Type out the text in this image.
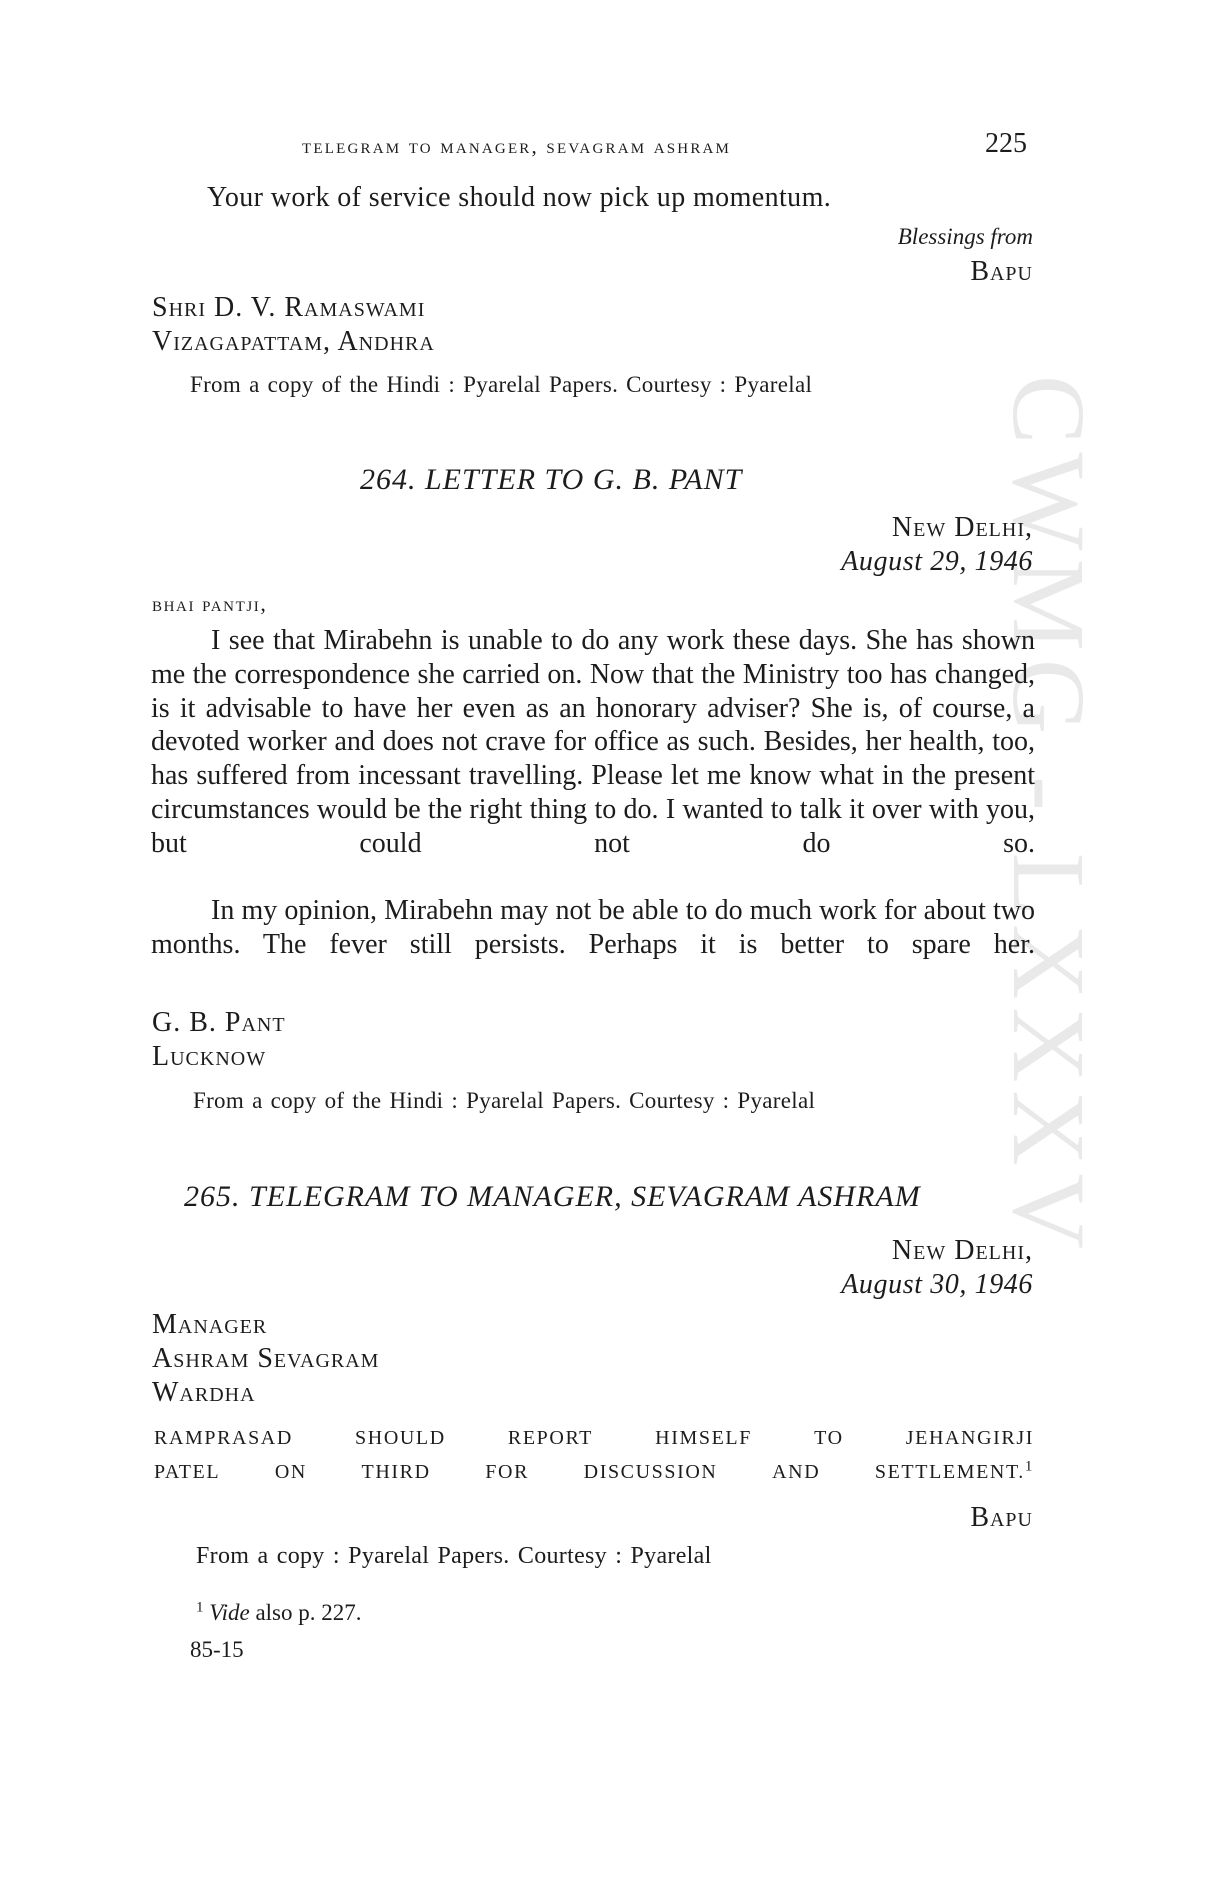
CWMG - LXXXV
telegram to manager, sevagram ashram	225
Your work of service should now pick up momentum.
Blessings from
Bapu
Shri D. V. Ramaswami
Vizagapattam, Andhra
From a copy of the Hindi : Pyarelal Papers. Courtesy : Pyarelal
264. LETTER TO G. B. PANT
New Delhi,
August 29, 1946
bhai pantji,
I see that Mirabehn is unable to do any work these days. She has shown me the correspondence she carried on. Now that the Ministry too has changed, is it advisable to have her even as an honorary adviser? She is, of course, a devoted worker and does not crave for office as such. Besides, her health, too, has suffered from incessant travelling. Please let me know what in the present circumstances would be the right thing to do. I wanted to talk it over with you, but could not do so.
In my opinion, Mirabehn may not be able to do much work for about two months. The fever still persists. Perhaps it is better to spare her.
G. B. Pant
Lucknow
From a copy of the Hindi : Pyarelal Papers. Courtesy : Pyarelal
265. TELEGRAM TO MANAGER, SEVAGRAM ASHRAM
New Delhi,
August 30, 1946
Manager
Ashram Sevagram
Wardha
RAMPRASAD	SHOULD	REPORT	HIMSELF	TO	JEHANGIRJI
PATEL	ON	THIRD	FOR	DISCUSSION	AND	SETTLEMENT.$^1$
Bapu
From a copy : Pyarelal Papers. Courtesy : Pyarelal
$^1$ Vide also p. 227.
85-15
